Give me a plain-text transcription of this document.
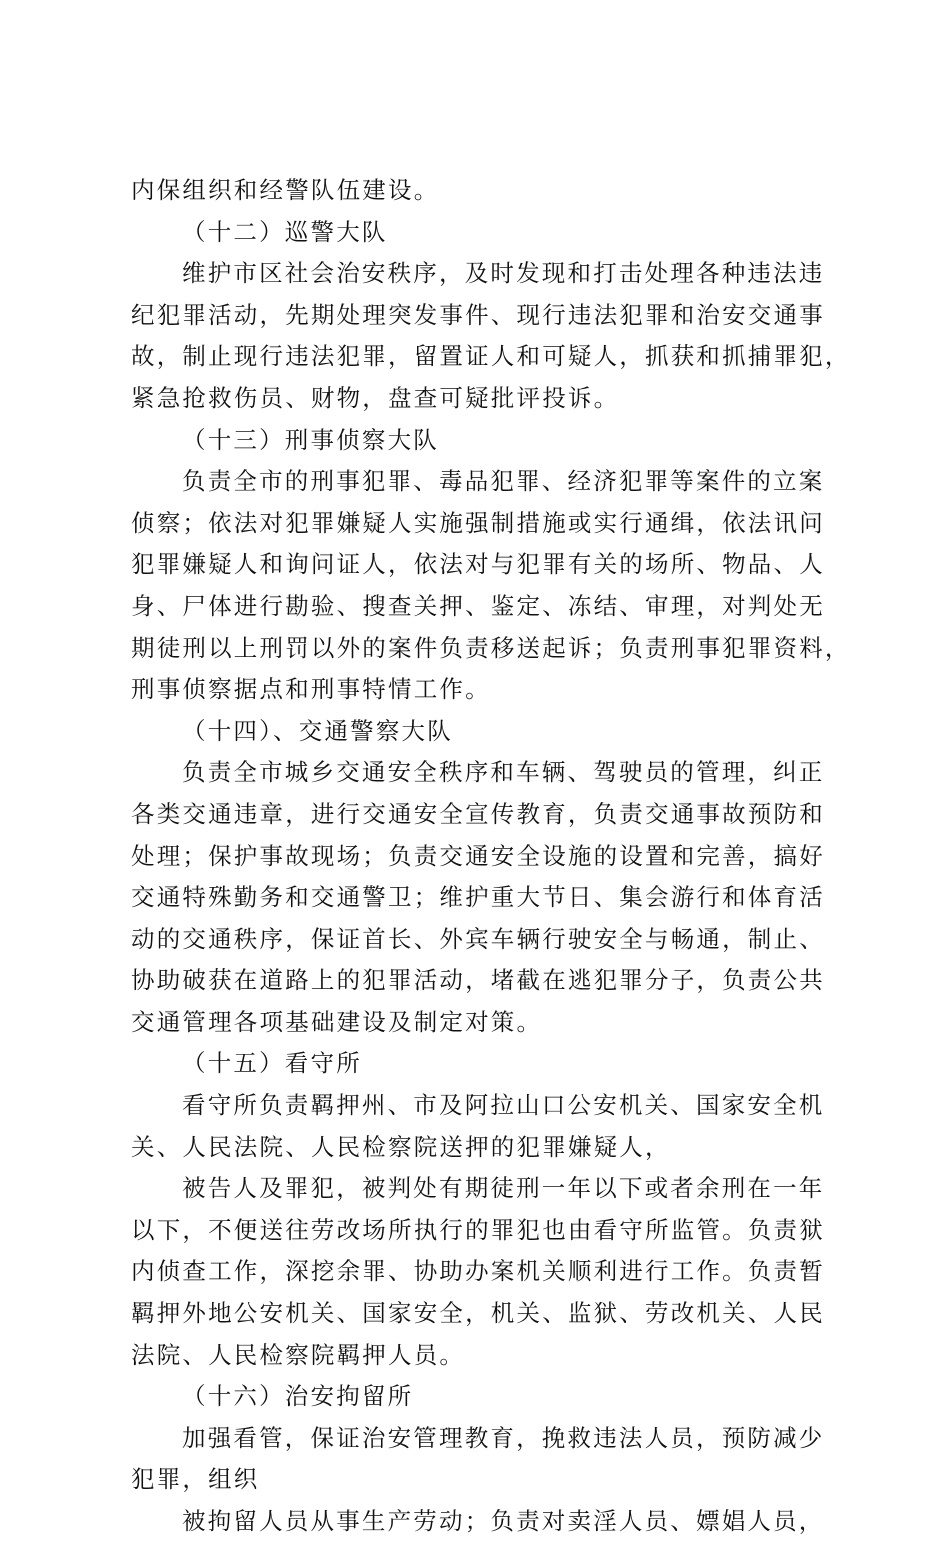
内保组织和经警队伍建设。
（十二）巡警大队
维护市区社会治安秩序，及时发现和打击处理各种违法违
纪犯罪活动，先期处理突发事件、现行违法犯罪和治安交通事
故，制止现行违法犯罪，留置证人和可疑人，抓获和抓捕罪犯，
紧急抢救伤员、财物，盘查可疑批评投诉。
（十三）刑事侦察大队
负责全市的刑事犯罪、毒品犯罪、经济犯罪等案件的立案
侦察；依法对犯罪嫌疑人实施强制措施或实行通缉，依法讯问
犯罪嫌疑人和询问证人，依法对与犯罪有关的场所、物品、人
身、尸体进行勘验、搜查关押、鉴定、冻结、审理，对判处无
期徒刑以上刑罚以外的案件负责移送起诉；负责刑事犯罪资料，
刑事侦察据点和刑事特情工作。
（十四）、交通警察大队
负责全市城乡交通安全秩序和车辆、驾驶员的管理，纠正
各类交通违章，进行交通安全宣传教育，负责交通事故预防和
处理；保护事故现场；负责交通安全设施的设置和完善，搞好
交通特殊勤务和交通警卫；维护重大节日、集会游行和体育活
动的交通秩序，保证首长、外宾车辆行驶安全与畅通，制止、
协助破获在道路上的犯罪活动，堵截在逃犯罪分子，负责公共
交通管理各项基础建设及制定对策。
（十五）看守所
看守所负责羁押州、市及阿拉山口公安机关、国家安全机
关、人民法院、人民检察院送押的犯罪嫌疑人，
被告人及罪犯，被判处有期徒刑一年以下或者余刑在一年
以下，不便送往劳改场所执行的罪犯也由看守所监管。负责狱
内侦查工作，深挖余罪、协助办案机关顺利进行工作。负责暂
羁押外地公安机关、国家安全，机关、监狱、劳改机关、人民
法院、人民检察院羁押人员。
（十六）治安拘留所
加强看管，保证治安管理教育，挽救违法人员，预防减少
犯罪，组织
被拘留人员从事生产劳动；负责对卖淫人员、嫖娼人员，
